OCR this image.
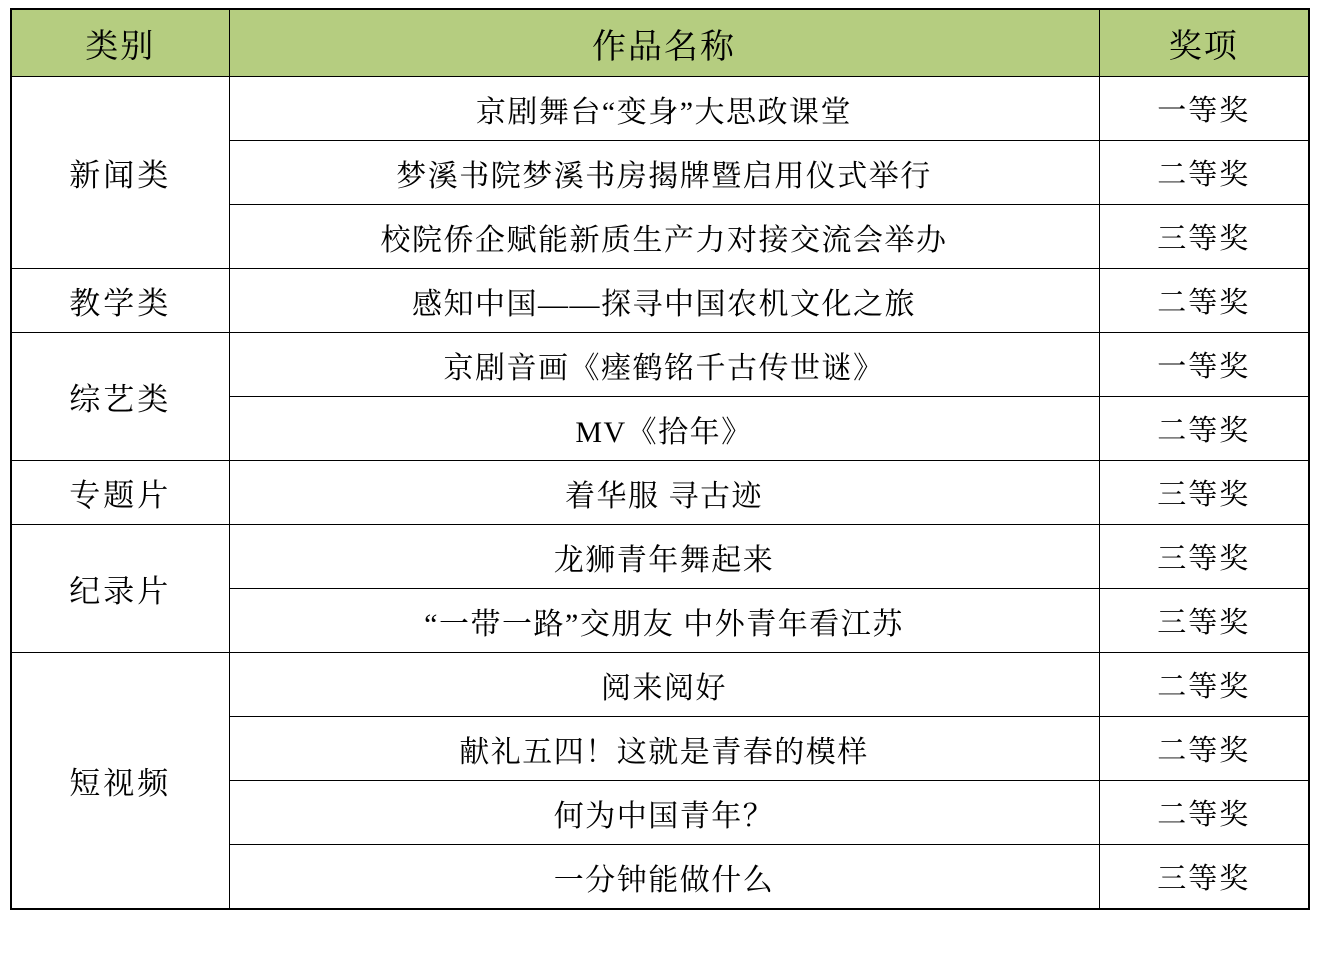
类别	作品名称	奖项
新闻类	京剧舞台“变身”大思政课堂	一等奖
	梦溪书院梦溪书房揭牌暨启用仪式举行	二等奖
	校院侨企赋能新质生产力对接交流会举办	三等奖
教学类	感知中国——探寻中国农机文化之旅	二等奖
综艺类	京剧音画《瘗鹤铭千古传世谜》	一等奖
	MV《拾年》	二等奖
专题片	着华服 寻古迹	三等奖
纪录片	龙狮青年舞起来	三等奖
	“一带一路”交朋友 中外青年看江苏	三等奖
短视频	阅来阅好	二等奖
	献礼五四！这就是青春的模样	二等奖
	何为中国青年？	二等奖
	一分钟能做什么	三等奖
